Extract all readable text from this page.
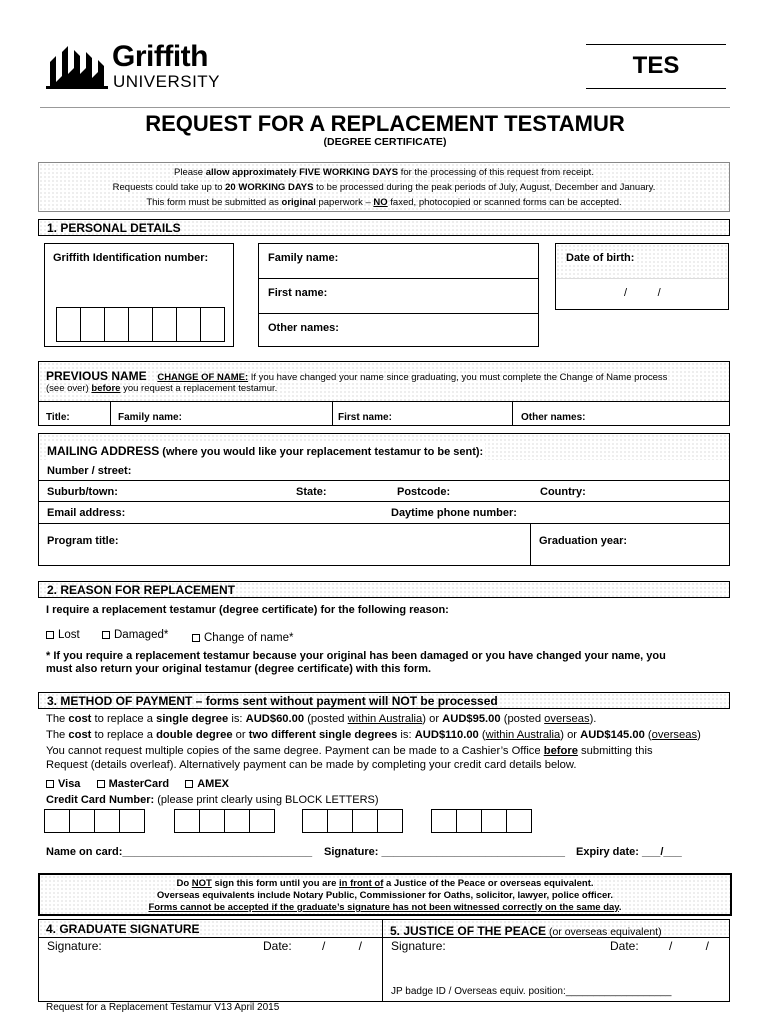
Griffith
UNIVERSITY
TES
REQUEST FOR A REPLACEMENT TESTAMUR
(DEGREE CERTIFICATE)
Please allow approximately FIVE WORKING DAYS for the processing of this request from receipt.
Requests could take up to 20 WORKING DAYS to be processed during the peak periods of July, August, December and January.
This form must be submitted as original paperwork – NO faxed, photocopied or scanned forms can be accepted.
1. PERSONAL DETAILS
Griffith Identification number:	Family name:
First name:
Other names:
Date of birth:
/          /
PREVIOUS NAME CHANGE OF NAME: If you have changed your name since graduating, you must complete the Change of Name process
(see over) before you request a replacement testamur.
Title:	Family name:	First name:	Other names:
MAILING ADDRESS (where you would like your replacement testamur to be sent):
Number / street:
Suburb/town:	State:	Postcode:	Country:
Email address:	Daytime phone number:
Program title:	Graduation year:
2. REASON FOR REPLACEMENT
I require a replacement testamur (degree certificate) for the following reason:
Lost	Damaged*	Change of name*
* If you require a replacement testamur because your original has been damaged or you have changed your name, you
must also return your original testamur (degree certificate) with this form.
3. METHOD OF PAYMENT – forms sent without payment will NOT be processed
The cost to replace a single degree is: AUD$60.00 (posted within Australia) or AUD$95.00 (posted overseas).
The cost to replace a double degree or two different single degrees is: AUD$110.00 (within Australia) or AUD$145.00 (overseas)
You cannot request multiple copies of the same degree. Payment can be made to a Cashier’s Office before submitting this
Request (details overleaf). Alternatively payment can be made by completing your credit card details below.
Visa	MasterCard	AMEX
Credit Card Number: (please print clearly using BLOCK LETTERS)
Name on card:_______________________________ Signature: ______________________________ Expiry date: ___/___
Do NOT sign this form until you are in front of a Justice of the Peace or overseas equivalent.
Overseas equivalents include Notary Public, Commissioner for Oaths, solicitor, lawyer, police officer.
Forms cannot be accepted if the graduate’s signature has not been witnessed correctly on the same day.
4. GRADUATE SIGNATURE
Signature:	Date:	/          /
5. JUSTICE OF THE PEACE (or overseas equivalent)
Signature:	Date:	/          /
JP badge ID / Overseas equiv. position:___________________
Request for a Replacement Testamur V13 April 2015
